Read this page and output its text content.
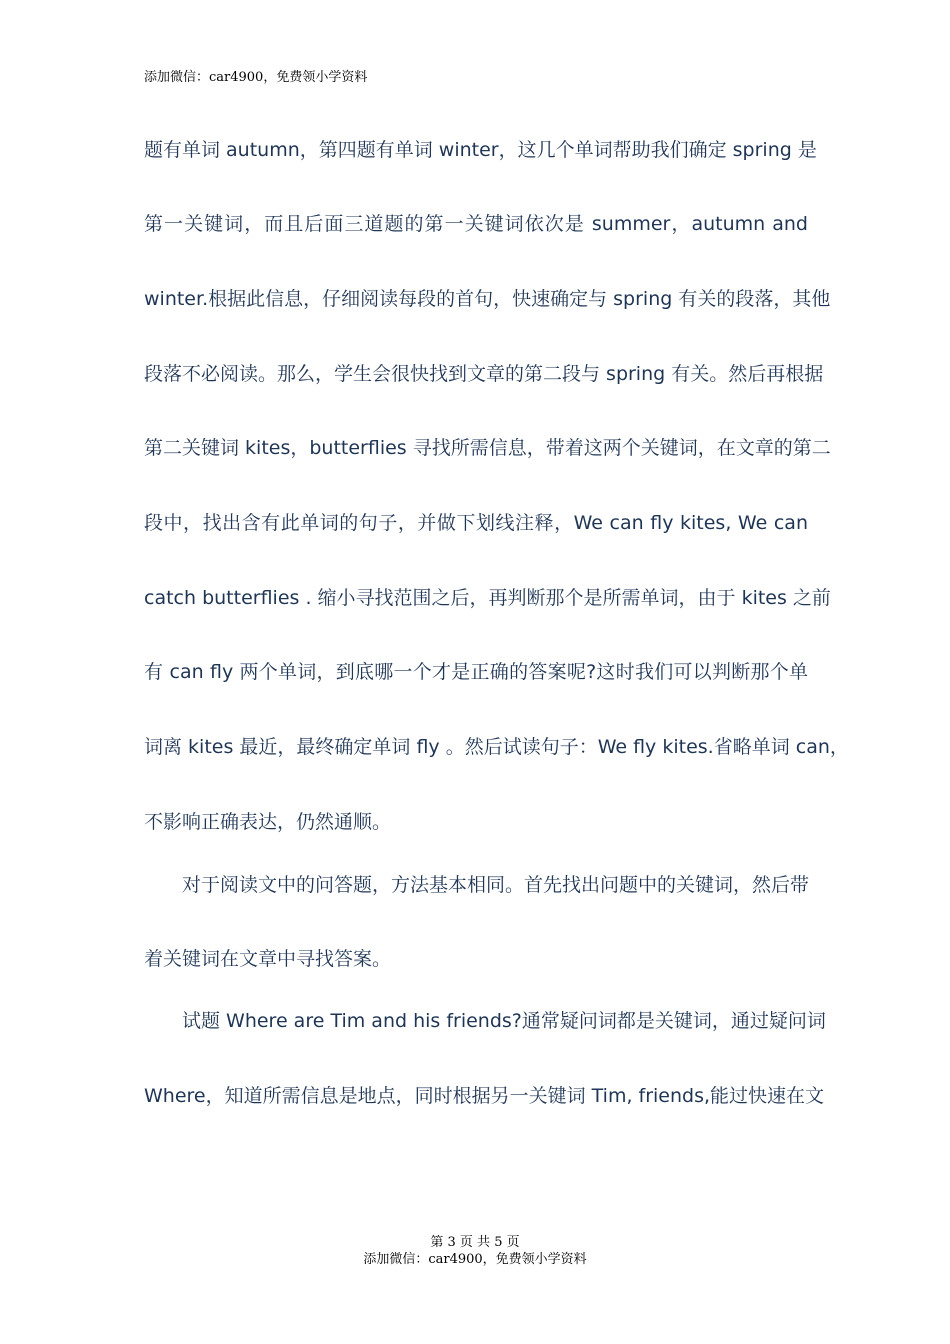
添加微信：car4900，免费领小学资料
题有单词 autumn，第四题有单词 winter，这几个单词帮助我们确定 spring 是
第一关键词，而且后面三道题的第一关键词依次是 summer，autumn and
winter.根据此信息，仔细阅读每段的首句，快速确定与 spring 有关的段落，其他
段落不必阅读。那么，学生会很快找到文章的第二段与 spring 有关。然后再根据
第二关键词 kites，butterflies 寻找所需信息，带着这两个关键词，在文章的第二
段中，找出含有此单词的句子，并做下划线注释，We can fly kites, We can
catch butterflies . 缩小寻找范围之后，再判断那个是所需单词，由于 kites 之前
有 can fly 两个单词，到底哪一个才是正确的答案呢?这时我们可以判断那个单
词离 kites 最近，最终确定单词 fly 。然后试读句子：We fly kites.省略单词 can，
不影响正确表达，仍然通顺。
对于阅读文中的问答题，方法基本相同。首先找出问题中的关键词，然后带
着关键词在文章中寻找答案。
试题 Where are Tim and his friends?通常疑问词都是关键词，通过疑问词
Where，知道所需信息是地点，同时根据另一关键词 Tim, friends,能过快速在文
第 3 页 共 5 页
添加微信：car4900，免费领小学资料
